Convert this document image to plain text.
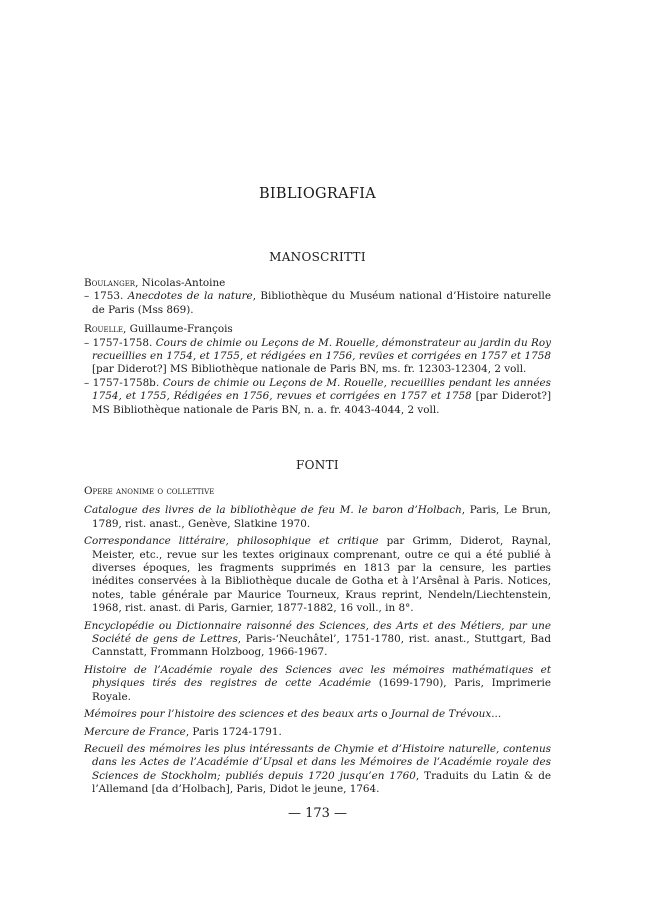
BIBLIOGRAFIA
MANOSCRITTI

Boulanger, Nicolas-Antoine

– 1753. Anecdotes de la nature, Bibliothèque du Muséum national d’Histoire naturelle de Paris (Mss 869).

Rouelle, Guillaume-François

– 1757-1758. Cours de chimie ou Leçons de M. Rouelle, démonstrateur au jardin du Roy recueillies en 1754, et 1755, et rédigées en 1756, revües et corrigées en 1757 et 1758 [par Diderot?] MS Bibliothèque nationale de Paris BN, ms. fr. 12303-12304, 2 voll.

– 1757-1758b. Cours de chimie ou Leçons de M. Rouelle, recueillies pendant les années 1754, et 1755, Rédigées en 1756, revues et corrigées en 1757 et 1758 [par Diderot?] MS Bibliothèque nationale de Paris BN, n. a. fr. 4043-4044, 2 voll.

FONTI

Opere anonime o collettive

Catalogue des livres de la bibliothèque de feu M. le baron d’Holbach, Paris, Le Brun, 1789, rist. anast., Genève, Slatkine 1970.

Correspondance littéraire, philosophique et critique par Grimm, Diderot, Raynal, Meister, etc., revue sur les textes originaux comprenant, outre ce qui a été publié à diverses époques, les fragments supprimés en 1813 par la censure, les parties inédites conservées à la Bibliothèque ducale de Gotha et à l’Arsênal à Paris. Notices, notes, table générale par Maurice Tourneux, Kraus reprint, Nendeln/Liechtenstein, 1968, rist. anast. di Paris, Garnier, 1877-1882, 16 voll., in 8°.

Encyclopédie ou Dictionnaire raisonné des Sciences, des Arts et des Métiers, par une Société de gens de Lettres, Paris-‘Neuchâtel’, 1751-1780, rist. anast., Stuttgart, Bad Cannstatt, Frommann Holzboog, 1966-1967.

Histoire de l’Académie royale des Sciences avec les mémoires mathématiques et physiques tirés des registres de cette Académie (1699-1790), Paris, Imprimerie Royale.

Mémoires pour l’histoire des sciences et des beaux arts o Journal de Trévoux...

Mercure de France, Paris 1724-1791.

Recueil des mémoires les plus intéressants de Chymie et d’Histoire naturelle, contenus dans les Actes de l’Académie d’Upsal et dans les Mémoires de l’Académie royale des Sciences de Stockholm; publiés depuis 1720 jusqu’en 1760, Traduits du Latin & de l’Allemand [da d’Holbach], Paris, Didot le jeune, 1764.

— 173 —
